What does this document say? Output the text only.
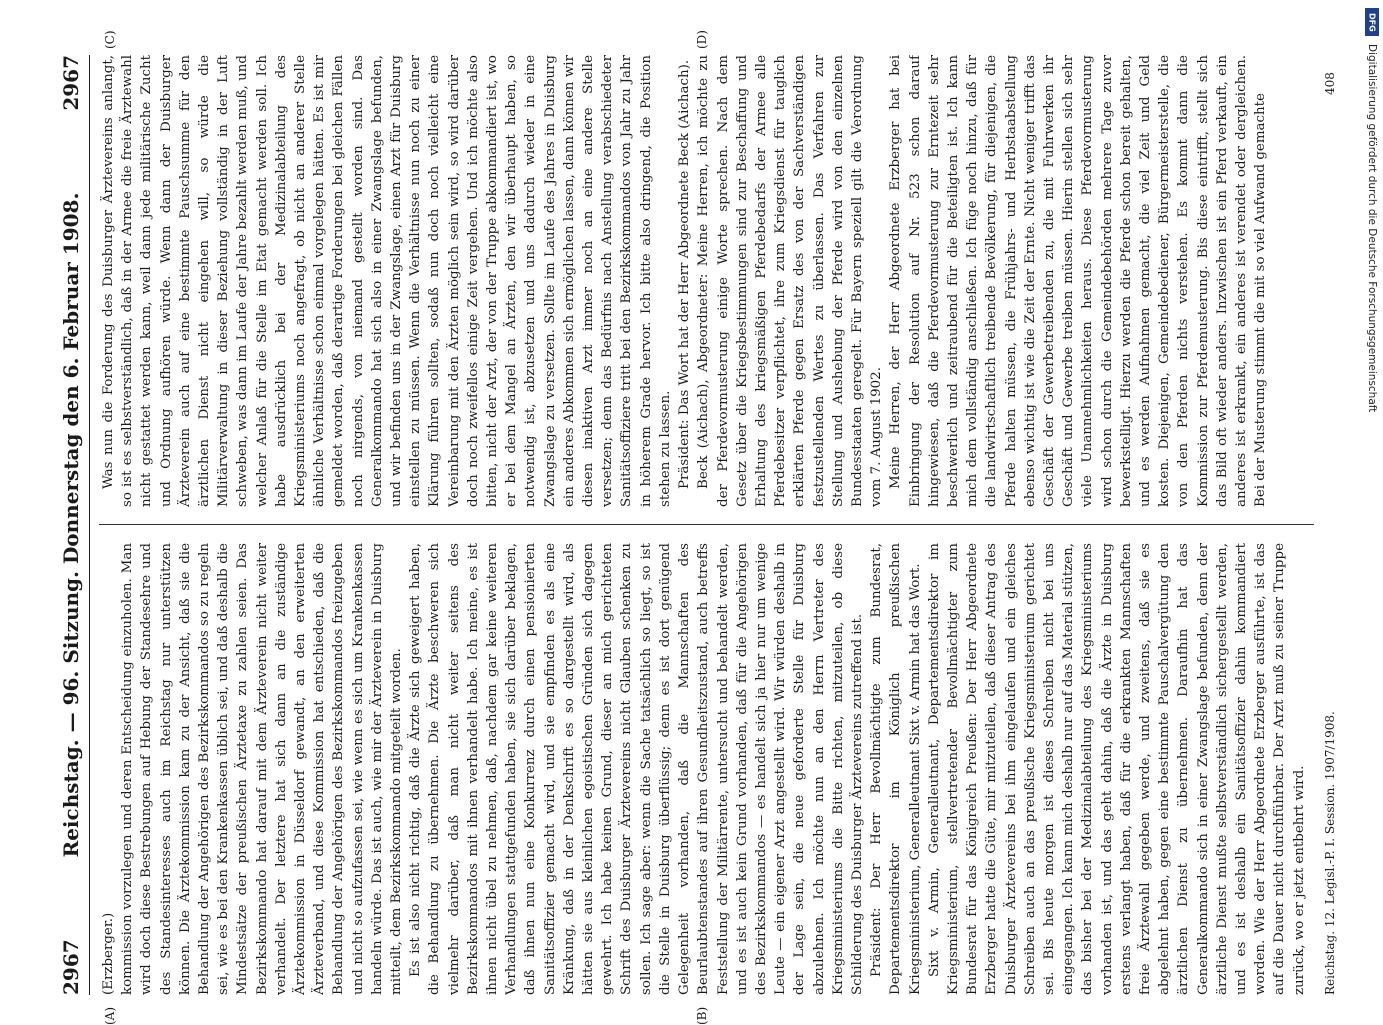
2967
Reichstag. — 96. Sitzung. Donnerstag den 6. Februar 1908.
2967
(A)	(B)
(C)	(D)

(Erzberger.) kommission vorzulegen und deren Entscheidung einzuholen. Man wird doch diese Bestrebungen auf Hebung der Standesehre und des Standesinteresses auch im Reichstag nur unterstützen können. Die Ärztekommission kam zu der Ansicht, daß sie die Behandlung der Angehörigen des Bezirkskommandos so zu regeln sei, wie es bei den Krankenkassen üblich sei, und daß deshalb die Mindestsätze der preußischen Ärztetaxe zu zahlen seien. Das Bezirkskommando hat darauf mit dem Ärzteverein nicht weiter verhandelt. Der letztere hat sich dann an die zuständige Ärztekommission in Düsseldorf gewandt, an den erweiterten Ärzteverband, und diese Kommission hat entschieden, daß die Behandlung der Angehörigen des Bezirkskommandos freizugeben und nicht so aufzufassen sei, wie wenn es sich um Krankenkassen handeln würde. Das ist auch, wie mir der Ärzteverein in Duisburg mitteilt, dem Bezirkskommando mitgeteilt worden. Es ist also nicht richtig, daß die Ärzte sich geweigert haben, die Behandlung zu übernehmen. Die Ärzte beschweren sich vielmehr darüber, daß man nicht weiter seitens des Bezirkskommandos mit ihnen verhandelt habe. Ich meine, es ist ihnen nicht übel zu nehmen, daß, nachdem gar keine weiteren Verhandlungen stattgefunden haben, sie sich darüber beklagen, daß ihnen nun eine Konkurrenz durch einen pensionierten Sanitätsoffizier gemacht wird, und sie empfinden es als eine Kränkung, daß in der Denkschrift es so dargestellt wird, als hätten sie aus kleinlichen egoistischen Gründen sich dagegen gewehrt. Ich habe keinen Grund, dieser an mich gerichteten Schrift des Duisburger Ärztevereins nicht Glauben schenken zu sollen. Ich sage aber: wenn die Sache tatsächlich so liegt, so ist die Stelle in Duisburg überflüssig; denn es ist dort genügend Gelegenheit vorhanden, daß die Mannschaften des Beurlaubtenstandes auf ihren Gesundheitszustand, auch betreffs Feststellung der Militärrente, untersucht und behandelt werden, und es ist auch kein Grund vorhanden, daß für die Angehörigen des Bezirkskommandos — es handelt sich ja hier nur um wenige Leute — ein eigener Arzt angestellt wird. Wir würden deshalb in der Lage sein, die neue geforderte Stelle für Duisburg abzulehnen. Ich möchte nun an den Herrn Vertreter des Kriegsministeriums die Bitte richten, mitzuteilen, ob diese Schilderung des Duisburger Ärztevereins zutreffend ist. Präsident: Der Herr Bevollmächtigte zum Bundesrat, Departementsdirektor im Königlich preußischen Kriegsministerium, Generalleutnant Sixt v. Armin hat das Wort. Sixt v. Armin, Generalleutnant, Departementsdirektor im Kriegsministerium, stellvertretender Bevollmächtigter zum Bundesrat für das Königreich Preußen: Der Herr Abgeordnete Erzberger hatte die Güte, mir mitzuteilen, daß dieser Antrag des Duisburger Ärztevereins bei ihm eingelaufen und ein gleiches Schreiben auch an das preußische Kriegsministerium gerichtet sei. Bis heute morgen ist dieses Schreiben nicht bei uns eingegangen. Ich kann mich deshalb nur auf das Material stützen, das bisher bei der Medizinalabteilung des Kriegsministeriums vorhanden ist, und das geht dahin, daß die Ärzte in Duisburg erstens verlangt haben, daß für die erkrankten Mannschaften freie Ärztewahl gegeben werde, und zweitens, daß sie es abgelehnt haben, gegen eine bestimmte Pauschalvergütung den ärztlichen Dienst zu übernehmen. Daraufhin hat das Generalkommando sich in einer Zwangslage befunden, denn der ärztliche Dienst mußte selbstverständlich sichergestellt werden, und es ist deshalb ein Sanitätsoffizier dahin kommandiert worden. Wie der Herr Abgeordnete Erzberger ausführte, ist das auf die Dauer nicht durchführbar. Der Arzt muß zu seiner Truppe zurück, wo er jetzt entbehrt wird.

Was nun die Forderung des Duisburger Ärztevereins anlangt, so ist es selbstverständlich, daß in der Armee die freie Ärztewahl nicht gestattet werden kann, weil dann jede militärische Zucht und Ordnung aufhören würde. Wenn dann der Duisburger Ärzteverein auch auf eine bestimmte Pauschsumme für den ärztlichen Dienst nicht eingehen will, so würde die Militärverwaltung in dieser Beziehung vollständig in der Luft schweben, was dann im Laufe der Jahre bezahlt werden muß, und welcher Anlaß für die Stelle im Etat gemacht werden soll. Ich habe ausdrücklich bei der Medizinalabteilung des Kriegsministeriums noch angefragt, ob nicht an anderer Stelle ähnliche Verhältnisse schon einmal vorgelegen hätten. Es ist mir gemeldet worden, daß derartige Forderungen bei gleichen Fällen noch nirgends, von niemand gestellt worden sind. Das Generalkommando hat sich also in einer Zwangslage befunden, und wir befinden uns in der Zwangslage, einen Arzt für Duisburg einstellen zu müssen. Wenn die Verhältnisse nun noch zu einer Klärung führen sollten, sodaß nun doch noch vielleicht eine Vereinbarung mit den Ärzten möglich sein wird, so wird darüber doch noch zweifellos einige Zeit vergehen. Und ich möchte also bitten, nicht der Arzt, der von der Truppe abkommandiert ist, wo er bei dem Mangel an Ärzten, den wir überhaupt haben, so notwendig ist, abzusetzen und uns dadurch wieder in eine Zwangslage zu versetzen. Sollte im Laufe des Jahres in Duisburg ein anderes Abkommen sich ermöglichen lassen, dann können wir diesen inaktiven Arzt immer noch an eine andere Stelle versetzen; denn das Bedürfnis nach Anstellung verabschiedeter Sanitätsoffiziere tritt bei den Bezirkskommandos von Jahr zu Jahr in höherem Grade hervor. Ich bitte also dringend, die Position stehen zu lassen. Präsident: Das Wort hat der Herr Abgeordnete Beck (Aichach). Beck (Aichach), Abgeordneter: Meine Herren, ich möchte zu der Pferdevormusterung einige Worte sprechen. Nach dem Gesetz über die Kriegsbestimmungen sind zur Beschaffung und Erhaltung des kriegsmäßigen Pferdebedarfs der Armee alle Pferdebesitzer verpflichtet, ihre zum Kriegsdienst für tauglich erklärten Pferde gegen Ersatz des von der Sachverständigen festzustellenden Wertes zu überlassen. Das Verfahren zur Stellung und Aushebung der Pferde wird von den einzelnen Bundesstaaten geregelt. Für Bayern speziell gilt die Verordnung vom 7. August 1902. Meine Herren, der Herr Abgeordnete Erzberger hat bei Einbringung der Resolution auf Nr. 523 schon darauf hingewiesen, daß die Pferdevormusterung zur Erntezeit sehr beschwerlich und zeitraubend für die Beteiligten ist. Ich kann mich dem vollständig anschließen. Ich füge noch hinzu, daß für die landwirtschaftlich treibende Bevölkerung, für diejenigen, die Pferde halten müssen, die Frühjahrs- und Herbstaabstellung ebenso wichtig ist wie die Zeit der Ernte. Nicht weniger trifft das Geschäft der Gewerbetreibenden zu, die mit Fuhrwerken ihr Geschäft und Gewerbe treiben müssen. Hierin stellen sich sehr viele Unannehmlichkeiten heraus. Diese Pferdevormusterung wird schon durch die Gemeindebehörden mehrere Tage zuvor bewerkstelligt. Hierzu werden die Pferde schon bereit gehalten, und es werden Aufnahmen gemacht, die viel Zeit und Geld kosten. Diejenigen, Gemeindebediener, Bürgermeisterstelle, die von den Pferden nichts verstehen. Es kommt dann die Kommission zur Pferdemusterung. Bis diese eintrifft, stellt sich das Bild oft wieder anders. Inzwischen ist ein Pferd verkauft, ein anderes ist erkrankt, ein anderes ist verendet oder dergleichen. Bei der Musterung stimmt die mit so viel Aufwand gemachte

Reichstag. 12. Legisl.-P. I. Session. 1907/1908.
408
DFG
Digitalisierung gefördert durch die Deutsche Forschungsgemeinschaft
